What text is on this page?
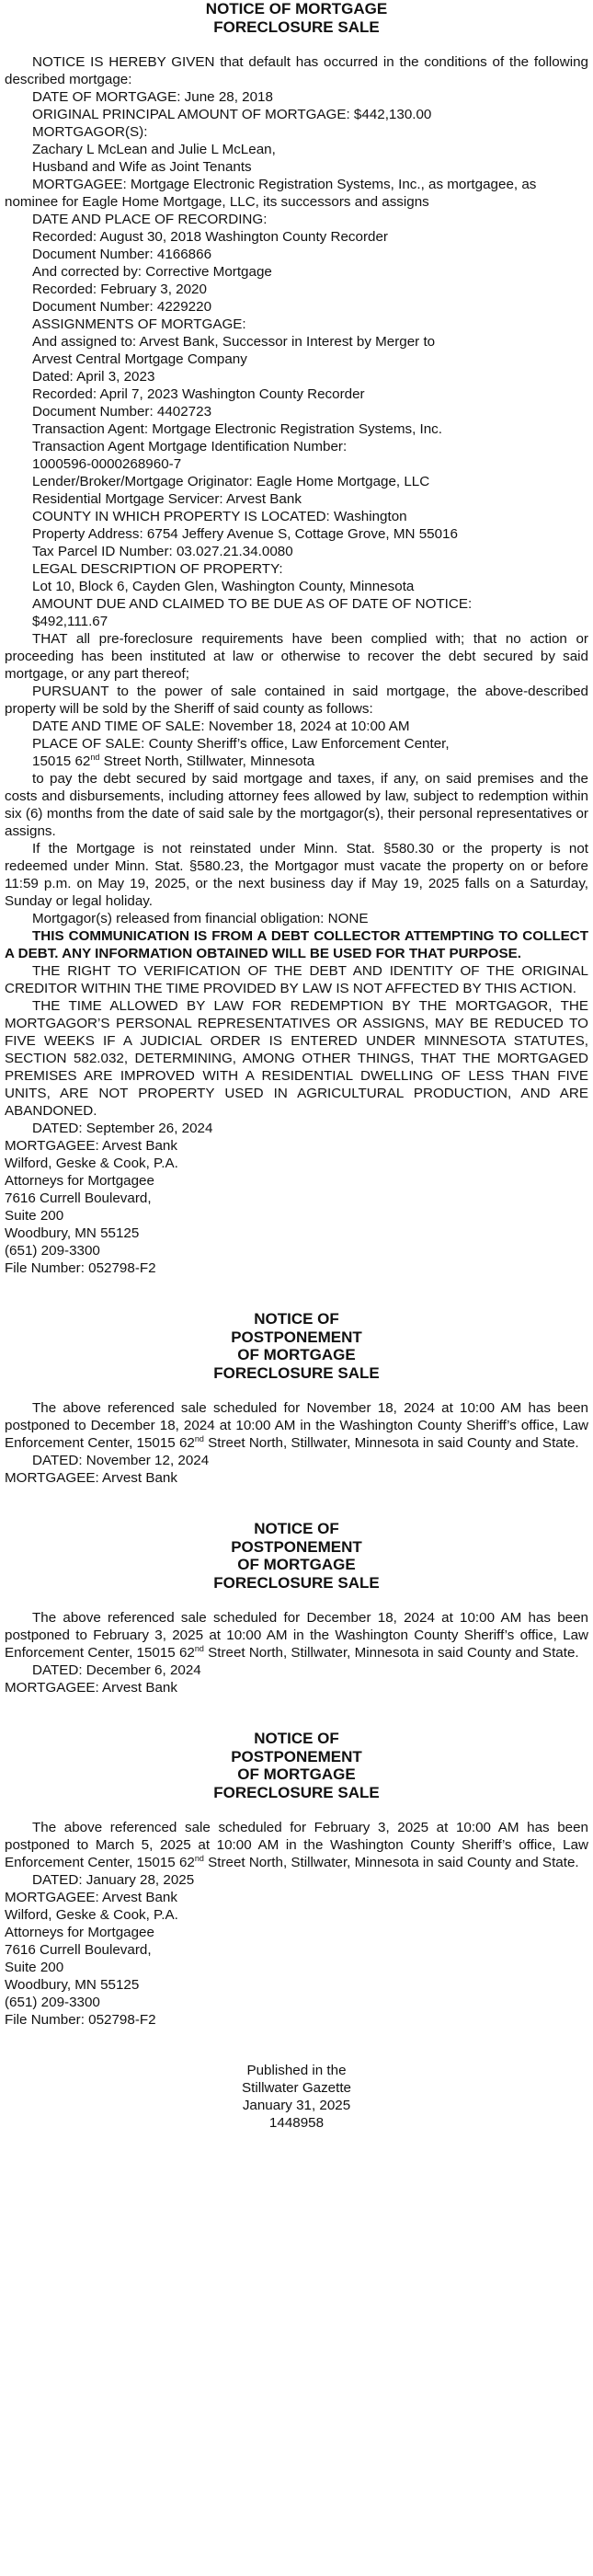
NOTICE OF MORTGAGE
FORECLOSURE SALE

NOTICE IS HEREBY GIVEN that default has occurred in the conditions of the following described mortgage:

DATE OF MORTGAGE: June 28, 2018
ORIGINAL PRINCIPAL AMOUNT OF MORTGAGE: $442,130.00
MORTGAGOR(S):
Zachary L McLean and Julie L McLean,
Husband and Wife as Joint Tenants

MORTGAGEE: Mortgage Electronic Registration Systems, Inc., as mortgagee, as nominee for Eagle Home Mortgage, LLC, its successors and assigns

DATE AND PLACE OF RECORDING:
Recorded: August 30, 2018 Washington County Recorder
Document Number: 4166866
And corrected by: Corrective Mortgage
Recorded: February 3, 2020
Document Number: 4229220
ASSIGNMENTS OF MORTGAGE:
And assigned to: Arvest Bank, Successor in Interest by Merger to
Arvest Central Mortgage Company
Dated: April 3, 2023
Recorded: April 7, 2023 Washington County Recorder
Document Number: 4402723
Transaction Agent: Mortgage Electronic Registration Systems, Inc.
Transaction Agent Mortgage Identification Number:
1000596-0000268960-7
Lender/Broker/Mortgage Originator: Eagle Home Mortgage, LLC
Residential Mortgage Servicer: Arvest Bank
COUNTY IN WHICH PROPERTY IS LOCATED: Washington
Property Address: 6754 Jeffery Avenue S, Cottage Grove, MN 55016
Tax Parcel ID Number: 03.027.21.34.0080
LEGAL DESCRIPTION OF PROPERTY:
Lot 10, Block 6, Cayden Glen, Washington County, Minnesota
AMOUNT DUE AND CLAIMED TO BE DUE AS OF DATE OF NOTICE:
$492,111.67

THAT all pre-foreclosure requirements have been complied with; that no action or proceeding has been instituted at law or otherwise to recover the debt secured by said mortgage, or any part thereof;

PURSUANT to the power of sale contained in said mortgage, the above-described property will be sold by the Sheriff of said county as follows:

DATE AND TIME OF SALE: November 18, 2024 at 10:00 AM
PLACE OF SALE: County Sheriff’s office, Law Enforcement Center,
15015 62nd Street North, Stillwater, Minnesota

to pay the debt secured by said mortgage and taxes, if any, on said premises and the costs and disbursements, including attorney fees allowed by law, subject to redemption within six (6) months from the date of said sale by the mortgagor(s), their personal representatives or assigns.

If the Mortgage is not reinstated under Minn. Stat. §580.30 or the property is not redeemed under Minn. Stat. §580.23, the Mortgagor must vacate the property on or before 11:59 p.m. on May 19, 2025, or the next business day if May 19, 2025 falls on a Saturday, Sunday or legal holiday.

Mortgagor(s) released from financial obligation: NONE

THIS COMMUNICATION IS FROM A DEBT COLLECTOR ATTEMPTING TO COLLECT A DEBT. ANY INFORMATION OBTAINED WILL BE USED FOR THAT PURPOSE.

THE RIGHT TO VERIFICATION OF THE DEBT AND IDENTITY OF THE ORIGINAL CREDITOR WITHIN THE TIME PROVIDED BY LAW IS NOT AFFECTED BY THIS ACTION.

THE TIME ALLOWED BY LAW FOR REDEMPTION BY THE MORTGAGOR, THE MORTGAGOR’S PERSONAL REPRESENTATIVES OR ASSIGNS, MAY BE REDUCED TO FIVE WEEKS IF A JUDICIAL ORDER IS ENTERED UNDER MINNESOTA STATUTES, SECTION 582.032, DETERMINING, AMONG OTHER THINGS, THAT THE MORTGAGED PREMISES ARE IMPROVED WITH A RESIDENTIAL DWELLING OF LESS THAN FIVE UNITS, ARE NOT PROPERTY USED IN AGRICULTURAL PRODUCTION, AND ARE ABANDONED.

DATED: September 26, 2024
MORTGAGEE: Arvest Bank
Wilford, Geske & Cook, P.A.
Attorneys for Mortgagee
7616 Currell Boulevard,
Suite 200
Woodbury, MN 55125
(651) 209-3300
File Number: 052798-F2
NOTICE OF
POSTPONEMENT
OF MORTGAGE
FORECLOSURE SALE

The above referenced sale scheduled for November 18, 2024 at 10:00 AM has been postponed to December 18, 2024 at 10:00 AM in the Washington County Sheriff’s office, Law Enforcement Center, 15015 62nd Street North, Stillwater, Minnesota in said County and State.

DATED: November 12, 2024
MORTGAGEE: Arvest Bank
NOTICE OF
POSTPONEMENT
OF MORTGAGE
FORECLOSURE SALE

The above referenced sale scheduled for December 18, 2024 at 10:00 AM has been postponed to February 3, 2025 at 10:00 AM in the Washington County Sheriff’s office, Law Enforcement Center, 15015 62nd Street North, Stillwater, Minnesota in said County and State.

DATED: December 6, 2024
MORTGAGEE: Arvest Bank
NOTICE OF
POSTPONEMENT
OF MORTGAGE
FORECLOSURE SALE

The above referenced sale scheduled for February 3, 2025 at 10:00 AM has been postponed to March 5, 2025 at 10:00 AM in the Washington County Sheriff’s office, Law Enforcement Center, 15015 62nd Street North, Stillwater, Minnesota in said County and State.

DATED: January 28, 2025
MORTGAGEE: Arvest Bank
Wilford, Geske & Cook, P.A.
Attorneys for Mortgagee
7616 Currell Boulevard,
Suite 200
Woodbury, MN 55125
(651) 209-3300
File Number: 052798-F2
Published in the
Stillwater Gazette
January 31, 2025
1448958
